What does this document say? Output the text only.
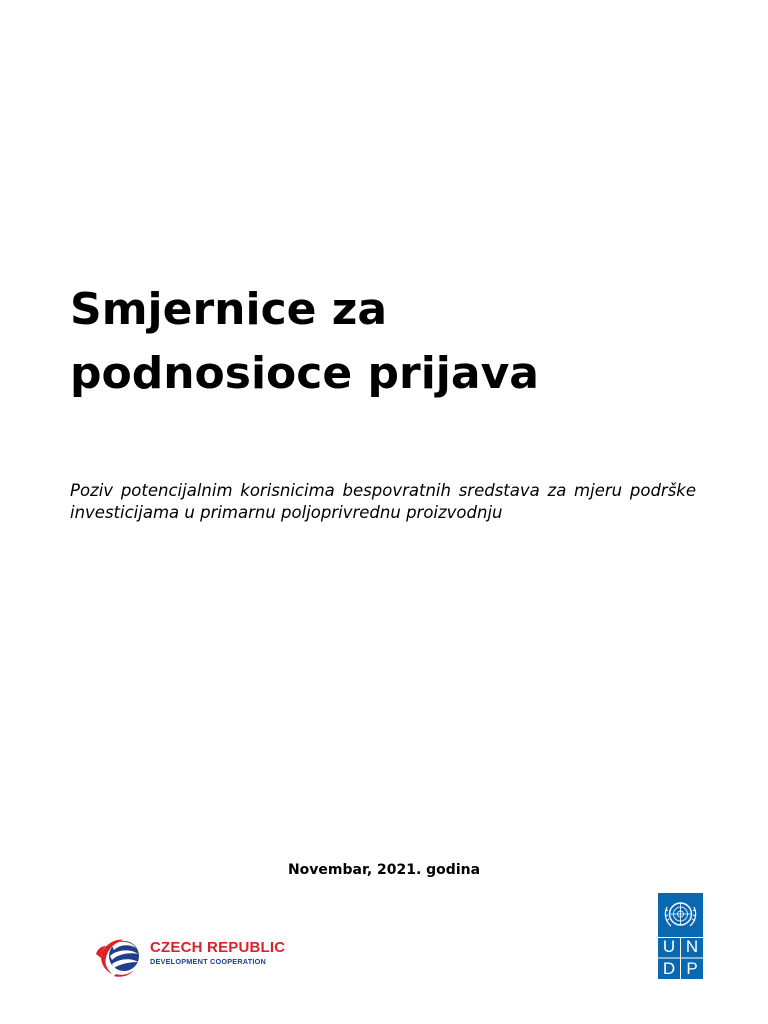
Smjernice za
podnosioce prijava

Poziv potencijalnim korisnicima bespovratnih sredstava za mjeru podrške investicijama u primarnu poljoprivrednu proizvodnju

Novembar, 2021. godina

CZECH REPUBLIC
DEVELOPMENT COOPERATION
U N
D P
